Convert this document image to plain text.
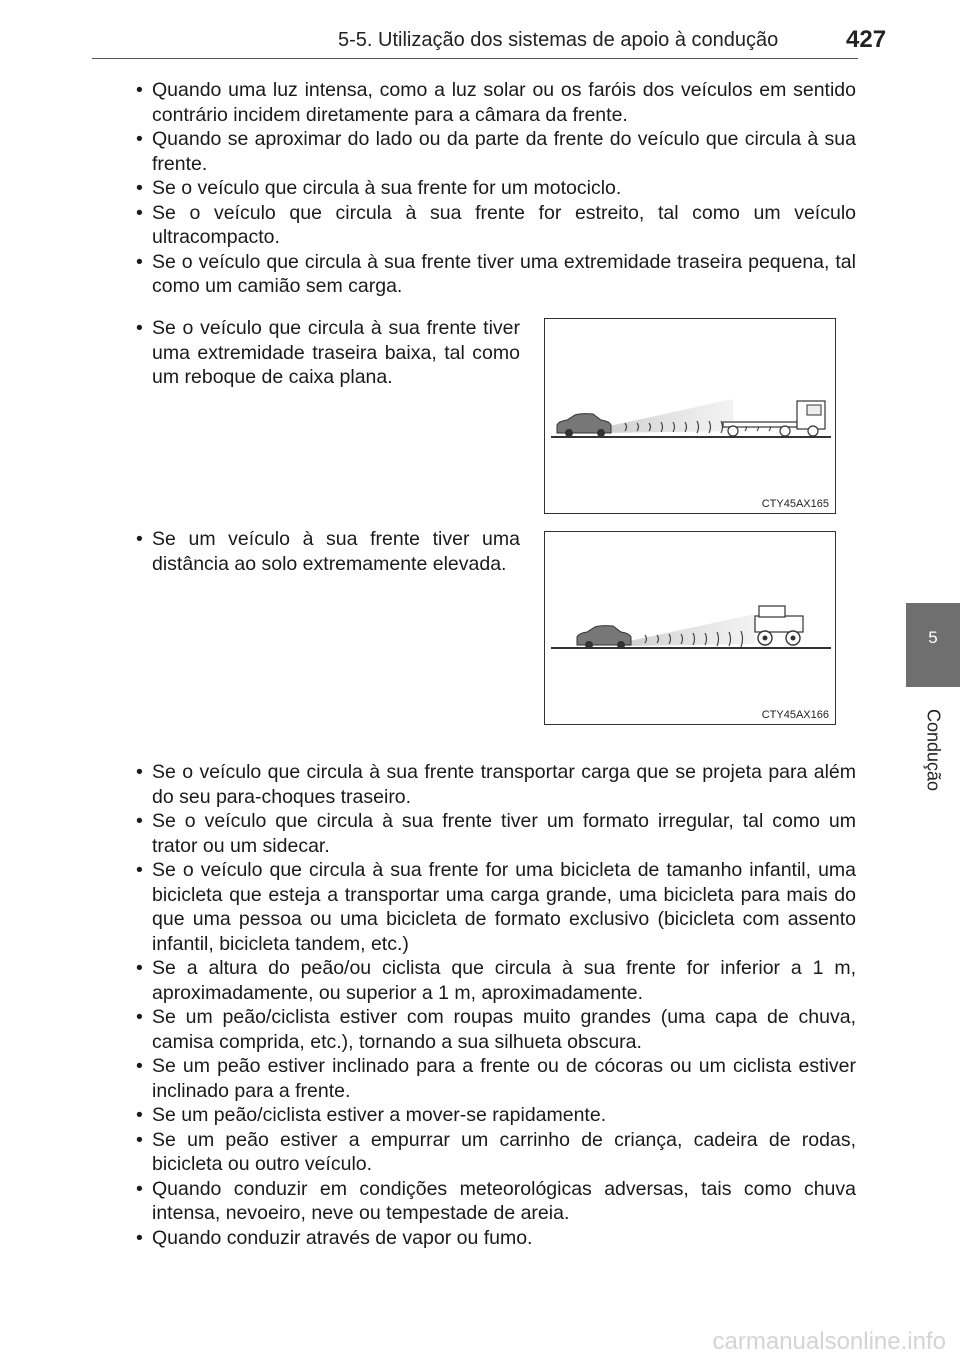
5-5. Utilização dos sistemas de apoio à condução	427
5
Condução
• Quando uma luz intensa, como a luz solar ou os faróis dos veículos em sentido contrário incidem diretamente para a câmara da frente.
• Quando se aproximar do lado ou da parte da frente do veículo que circula à sua frente.
• Se o veículo que circula à sua frente for um motociclo.
• Se o veículo que circula à sua frente for estreito, tal como um veículo ultracompacto.
• Se o veículo que circula à sua frente tiver uma extremidade traseira pequena, tal como um camião sem carga.
• Se o veículo que circula à sua frente tiver uma extremidade traseira baixa, tal como um reboque de caixa plana.
CTY45AX165
• Se um veículo à sua frente tiver uma distância ao solo extremamente elevada.
CTY45AX166
• Se o veículo que circula à sua frente transportar carga que se projeta para além do seu para-choques traseiro.
• Se o veículo que circula à sua frente tiver um formato irregular, tal como um trator ou um sidecar.
• Se o veículo que circula à sua frente for uma bicicleta de tamanho infantil, uma bicicleta que esteja a transportar uma carga grande, uma bicicleta para mais do que uma pessoa ou uma bicicleta de formato exclusivo (bicicleta com assento infantil, bicicleta tandem, etc.)
• Se a altura do peão/ou ciclista que circula à sua frente for inferior a 1 m, aproximadamente, ou superior a 1 m, aproximadamente.
• Se um peão/ciclista estiver com roupas muito grandes (uma capa de chuva, camisa comprida, etc.), tornando a sua silhueta obscura.
• Se um peão estiver inclinado para a frente ou de cócoras ou um ciclista estiver inclinado para a frente.
• Se um peão/ciclista estiver a mover-se rapidamente.
• Se um peão estiver a empurrar um carrinho de criança, cadeira de rodas, bicicleta ou outro veículo.
• Quando conduzir em condições meteorológicas adversas, tais como chuva intensa, nevoeiro, neve ou tempestade de areia.
• Quando conduzir através de vapor ou fumo.
carmanualsonline.info
